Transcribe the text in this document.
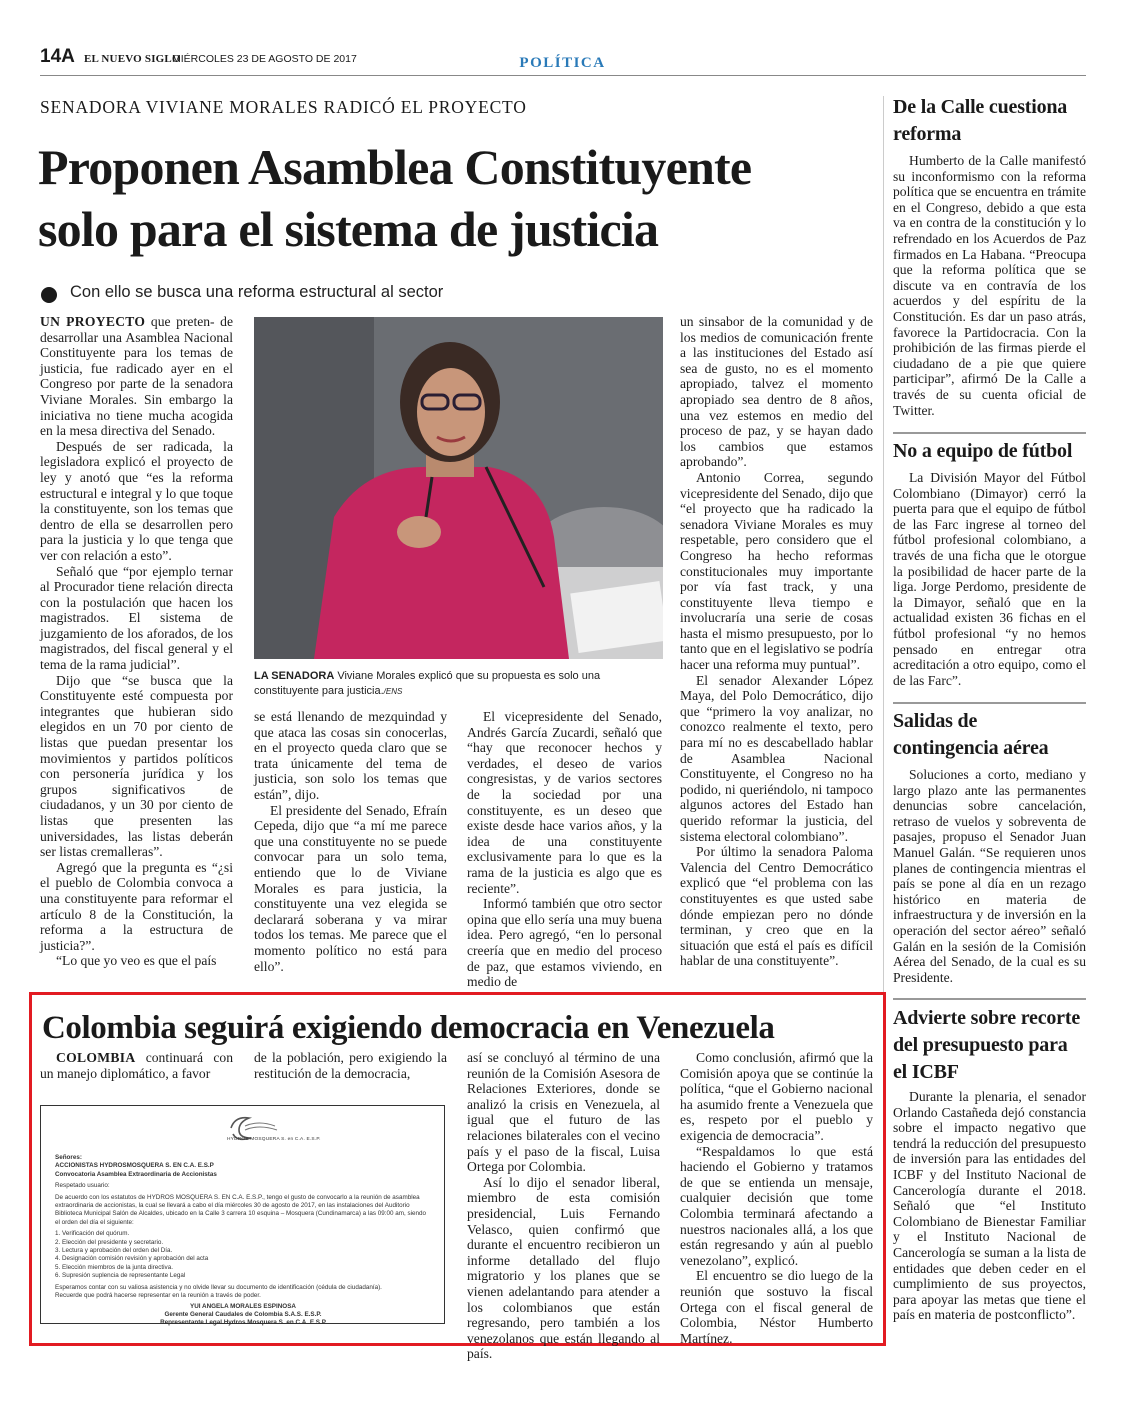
14A EL NUEVO SIGLO
MIÉRCOLES 23 DE AGOSTO DE 2017	POLÍTICA
SENADORA VIVIANE MORALES RADICÓ EL PROYECTO
Proponen Asamblea Constituyente
solo para el sistema de justicia
Con ello se busca una reforma estructural al sector

UN PROYECTO que preten- de desarrollar una Asamblea Nacional Constituyente para los temas de justicia, fue radicado ayer en el Congreso por parte de la senadora Viviane Morales. Sin embargo la iniciativa no tiene mucha acogida en la mesa directiva del Senado.

Después de ser radicada, la legisladora explicó el proyecto de ley y anotó que “es la reforma estructural e integral y lo que toque la constituyente, son los temas que dentro de ella se desarrollen pero para la justicia y lo que tenga que ver con relación a esto”.

Señaló que “por ejemplo ternar al Procurador tiene relación directa con la postulación que hacen los magistrados. El sistema de juzgamiento de los aforados, de los magistrados, del fiscal general y el tema de la rama judicial”.

Dijo que “se busca que la Constituyente esté compuesta por integrantes que hubieran sido elegidos en un 70 por ciento de listas que puedan presentar los movimientos y partidos políticos con personería jurídica y los grupos significativos de ciudadanos, y un 30 por ciento de listas que presenten las universidades, las listas deberán ser listas cremalleras”.

Agregó que la pregunta es “¿si el pueblo de Colombia convoca a una constituyente para reformar el artículo 8 de la Constitución, la reforma a la estructura de justicia?”.

“Lo que yo veo es que el país

LA SENADORA Viviane Morales explicó que su propuesta es solo una constituyente para justicia./ENS

se está llenando de mezquindad y que ataca las cosas sin conocerlas, en el proyecto queda claro que se trata únicamente del tema de justicia, son solo los temas que están”, dijo.

El presidente del Senado, Efraín Cepeda, dijo que “a mí me parece que una constituyente no se puede convocar para un solo tema, entiendo que lo de Viviane Morales es para justicia, la constituyente una vez elegida se declarará soberana y va mirar todos los temas. Me parece que el momento político no está para ello”.

El vicepresidente del Senado, Andrés García Zucardi, señaló que “hay que reconocer hechos y verdades, el deseo de varios congresistas, y de varios sectores de la sociedad por una constituyente, es un deseo que existe desde hace varios años, y la idea de una constituyente exclusivamente para lo que es la rama de la justicia es algo que es reciente”.

Informó también que otro sector opina que ello sería una muy buena idea. Pero agregó, “en lo personal creería que en medio del proceso de paz, que estamos viviendo, en medio de

un sinsabor de la comunidad y de los medios de comunicación frente a las instituciones del Estado así sea de gusto, no es el momento apropiado, talvez el momento apropiado sea dentro de 8 años, una vez estemos en medio del proceso de paz, y se hayan dado los cambios que estamos aprobando”.

Antonio Correa, segundo vicepresidente del Senado, dijo que “el proyecto que ha radicado la senadora Viviane Morales es muy respetable, pero considero que el Congreso ha hecho reformas constitucionales muy importante por vía fast track, y una constituyente lleva tiempo e involucraría una serie de cosas hasta el mismo presupuesto, por lo tanto que en el legislativo se podría hacer una reforma muy puntual”.

El senador Alexander López Maya, del Polo Democrático, dijo que “primero la voy analizar, no conozco realmente el texto, pero para mí no es descabellado hablar de Asamblea Nacional Constituyente, el Congreso no ha podido, ni queriéndolo, ni tampoco algunos actores del Estado han querido reformar la justicia, del sistema electoral colombiano”.

Por último la senadora Paloma Valencia del Centro Democrático explicó que “el problema con las constituyentes es que usted sabe dónde empiezan pero no dónde terminan, y creo que en la situación que está el país es difícil hablar de una constituyente”.

De la Calle cuestiona reforma

Humberto de la Calle manifestó su inconformismo con la reforma política que se encuentra en trámite en el Congreso, debido a que esta va en contra de la constitución y lo refrendado en los Acuerdos de Paz firmados en La Habana. “Preocupa que la reforma política que se discute va en contravía de los acuerdos y del espíritu de la Constitución. Es dar un paso atrás, favorece la Partidocracia. Con la prohibición de las firmas pierde el ciudadano de a pie que quiere participar”, afirmó De la Calle a través de su cuenta oficial de Twitter.

No a equipo de fútbol

La División Mayor del Fútbol Colombiano (Dimayor) cerró la puerta para que el equipo de fútbol de las Farc ingrese al torneo del fútbol profesional colombiano, a través de una ficha que le otorgue la posibilidad de hacer parte de la liga. Jorge Perdomo, presidente de la Dimayor, señaló que en la actualidad existen 36 fichas en el fútbol profesional “y no hemos pensado en entregar otra acreditación a otro equipo, como el de las Farc”.

Salidas de contingencia aérea

Soluciones a corto, mediano y largo plazo ante las permanentes denuncias sobre cancelación, retraso de vuelos y sobreventa de pasajes, propuso el Senador Juan Manuel Galán. “Se requieren unos planes de contingencia mientras el país se pone al día en un rezago histórico en materia de infraestructura y de inversión en la operación del sector aéreo” señaló Galán en la sesión de la Comisión Aérea del Senado, de la cual es su Presidente.

Advierte sobre recorte del presupuesto para el ICBF

Durante la plenaria, el senador Orlando Castañeda dejó constancia sobre el impacto negativo que tendrá la reducción del presupuesto de inversión para las entidades del ICBF y del Instituto Nacional de Cancerología durante el 2018. Señaló que “el Instituto Colombiano de Bienestar Familiar y el Instituto Nacional de Cancerología se suman a la lista de entidades que deben ceder en el cumplimiento de sus proyectos, para apoyar las metas que tiene el país en materia de postconflicto”.

Colombia seguirá exigiendo democracia en Venezuela

COLOMBIA continuará con un manejo diplomático, a favor

de la población, pero exigiendo la restitución de la democracia,

así se concluyó al término de una reunión de la Comisión Asesora de Relaciones Exteriores, donde se analizó la crisis en Venezuela, al igual que el futuro de las relaciones bilaterales con el vecino país y el paso de la fiscal, Luisa Ortega por Colombia.

Así lo dijo el senador liberal, miembro de esta comisión presidencial, Luis Fernando Velasco, quien confirmó que durante el encuentro recibieron un informe detallado del flujo migratorio y los planes que se vienen adelantando para atender a los colombianos que están regresando, pero también a los venezolanos que están llegando al país.

Como conclusión, afirmó que la Comisión apoya que se continúe la política, “que el Gobierno nacional ha asumido frente a Venezuela que es, respeto por el pueblo y exigencia de democracia”.

“Respaldamos lo que está haciendo el Gobierno y tratamos de que se entienda un mensaje, cualquier decisión que tome Colombia terminará afectando a nuestros nacionales allá, a los que están regresando y aún al pueblo venezolano”, explicó.

El encuentro se dio luego de la reunión que sostuvo la fiscal Ortega con el fiscal general de Colombia, Néstor Humberto Martínez.

HYDROS MOSQUERA S. en C.A. E.S.P.
Señores:
ACCIONISTAS HYDROSMOSQUERA S. EN C.A. E.S.P
Convocatoria Asamblea Extraordinaria de Accionistas
Respetado usuario:
De acuerdo con los estatutos de HYDROS MOSQUERA S. EN C.A. E.S.P., tengo el gusto de convocarlo a la reunión de asamblea extraordinaria de accionistas, la cual se llevará a cabo el día miércoles 30 de agosto de 2017, en las instalaciones del Auditorio Biblioteca Municipal Salón de Alcaldes, ubicado en la Calle 3 carrera 10 esquina – Mosquera (Cundinamarca) a las 09:00 am, siendo el orden del día el siguiente:
1. Verificación del quórum.
2. Elección del presidente y secretario.
3. Lectura y aprobación del orden del Día.
4. Designación comisión revisión y aprobación del acta
5. Elección miembros de la junta directiva.
6. Supresión suplencia de representante Legal
Esperamos contar con su valiosa asistencia y no olvide llevar su documento de identificación (cédula de ciudadanía).
Recuerde que podrá hacerse representar en la reunión a través de poder.
YUI ANGELA MORALES ESPINOSA
Gerente General Caudales de Colombia S.A.S. E.S.P.
Representante Legal Hydros Mosquera S. en C.A. E.S.P
